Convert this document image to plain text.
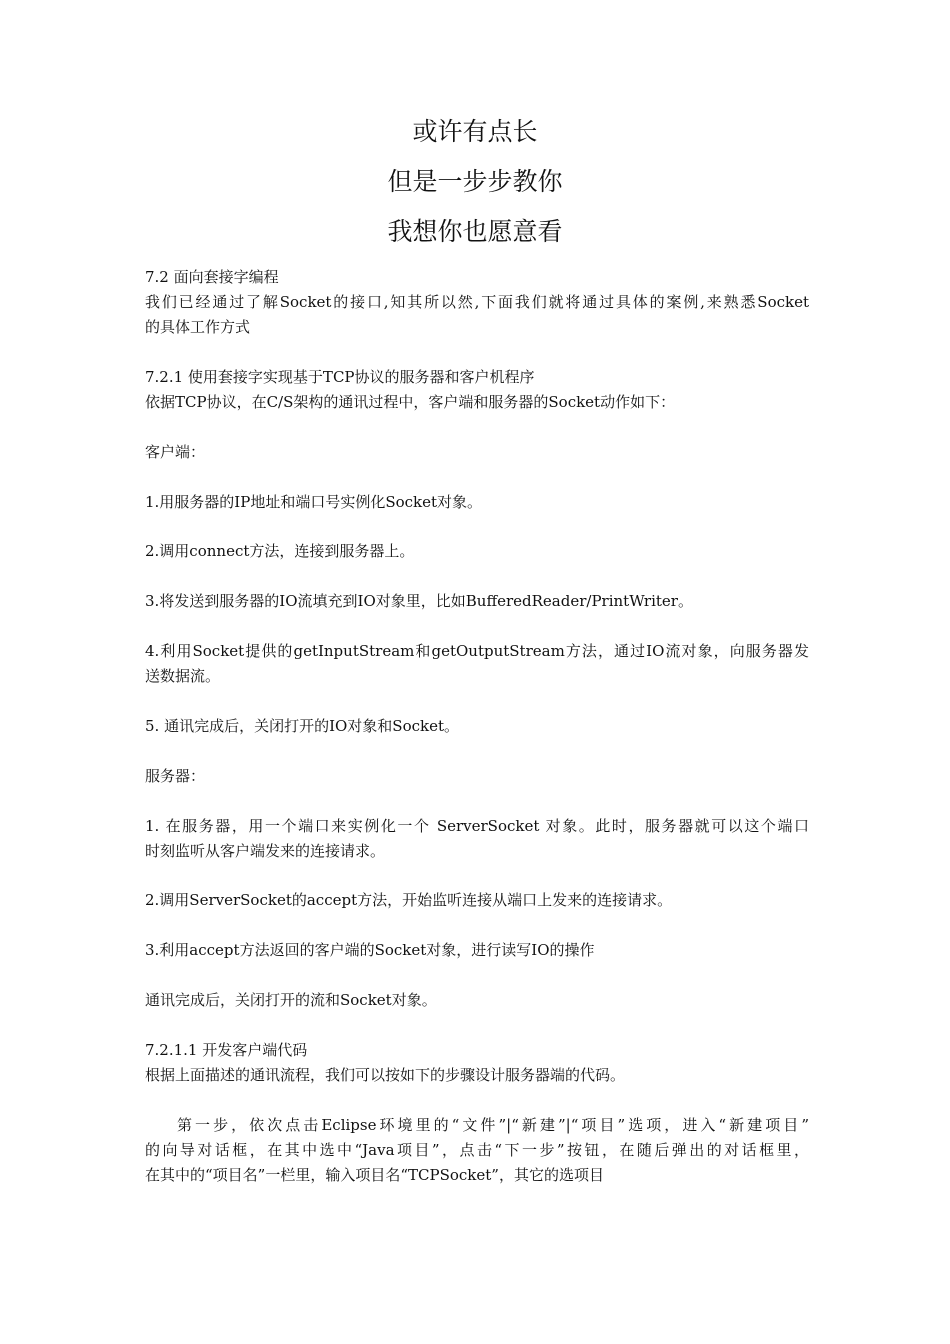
或许有点长
但是一步步教你
我想你也愿意看
7.2 面向套接字编程
我们已经通过了解Socket的接口,知其所以然,下面我们就将通过具体的案例,来熟悉Socket
的具体工作方式
7.2.1 使用套接字实现基于TCP协议的服务器和客户机程序
依据TCP协议，在C/S架构的通讯过程中，客户端和服务器的Socket动作如下：
客户端：
1.用服务器的IP地址和端口号实例化Socket对象。
2.调用connect方法，连接到服务器上。
3.将发送到服务器的IO流填充到IO对象里，比如BufferedReader/PrintWriter。
4.利用Socket提供的getInputStream和getOutputStream方法，通过IO流对象，向服务器发
送数据流。
5. 通讯完成后，关闭打开的IO对象和Socket。
服务器：
1. 在服务器，用一个端口来实例化一个 ServerSocket 对象。此时，服务器就可以这个端口
时刻监听从客户端发来的连接请求。
2.调用ServerSocket的accept方法，开始监听连接从端口上发来的连接请求。
3.利用accept方法返回的客户端的Socket对象，进行读写IO的操作
通讯完成后，关闭打开的流和Socket对象。
7.2.1.1 开发客户端代码
根据上面描述的通讯流程，我们可以按如下的步骤设计服务器端的代码。
第一步，依次点击Eclipse环境里的“文件”|“新建”|“项目”选项，进入“新建项目”
的向导对话框，在其中选中“Java项目”，点击“下一步”按钮，在随后弹出的对话框里，
在其中的“项目名”一栏里，输入项目名“TCPSocket”，其它的选项目
